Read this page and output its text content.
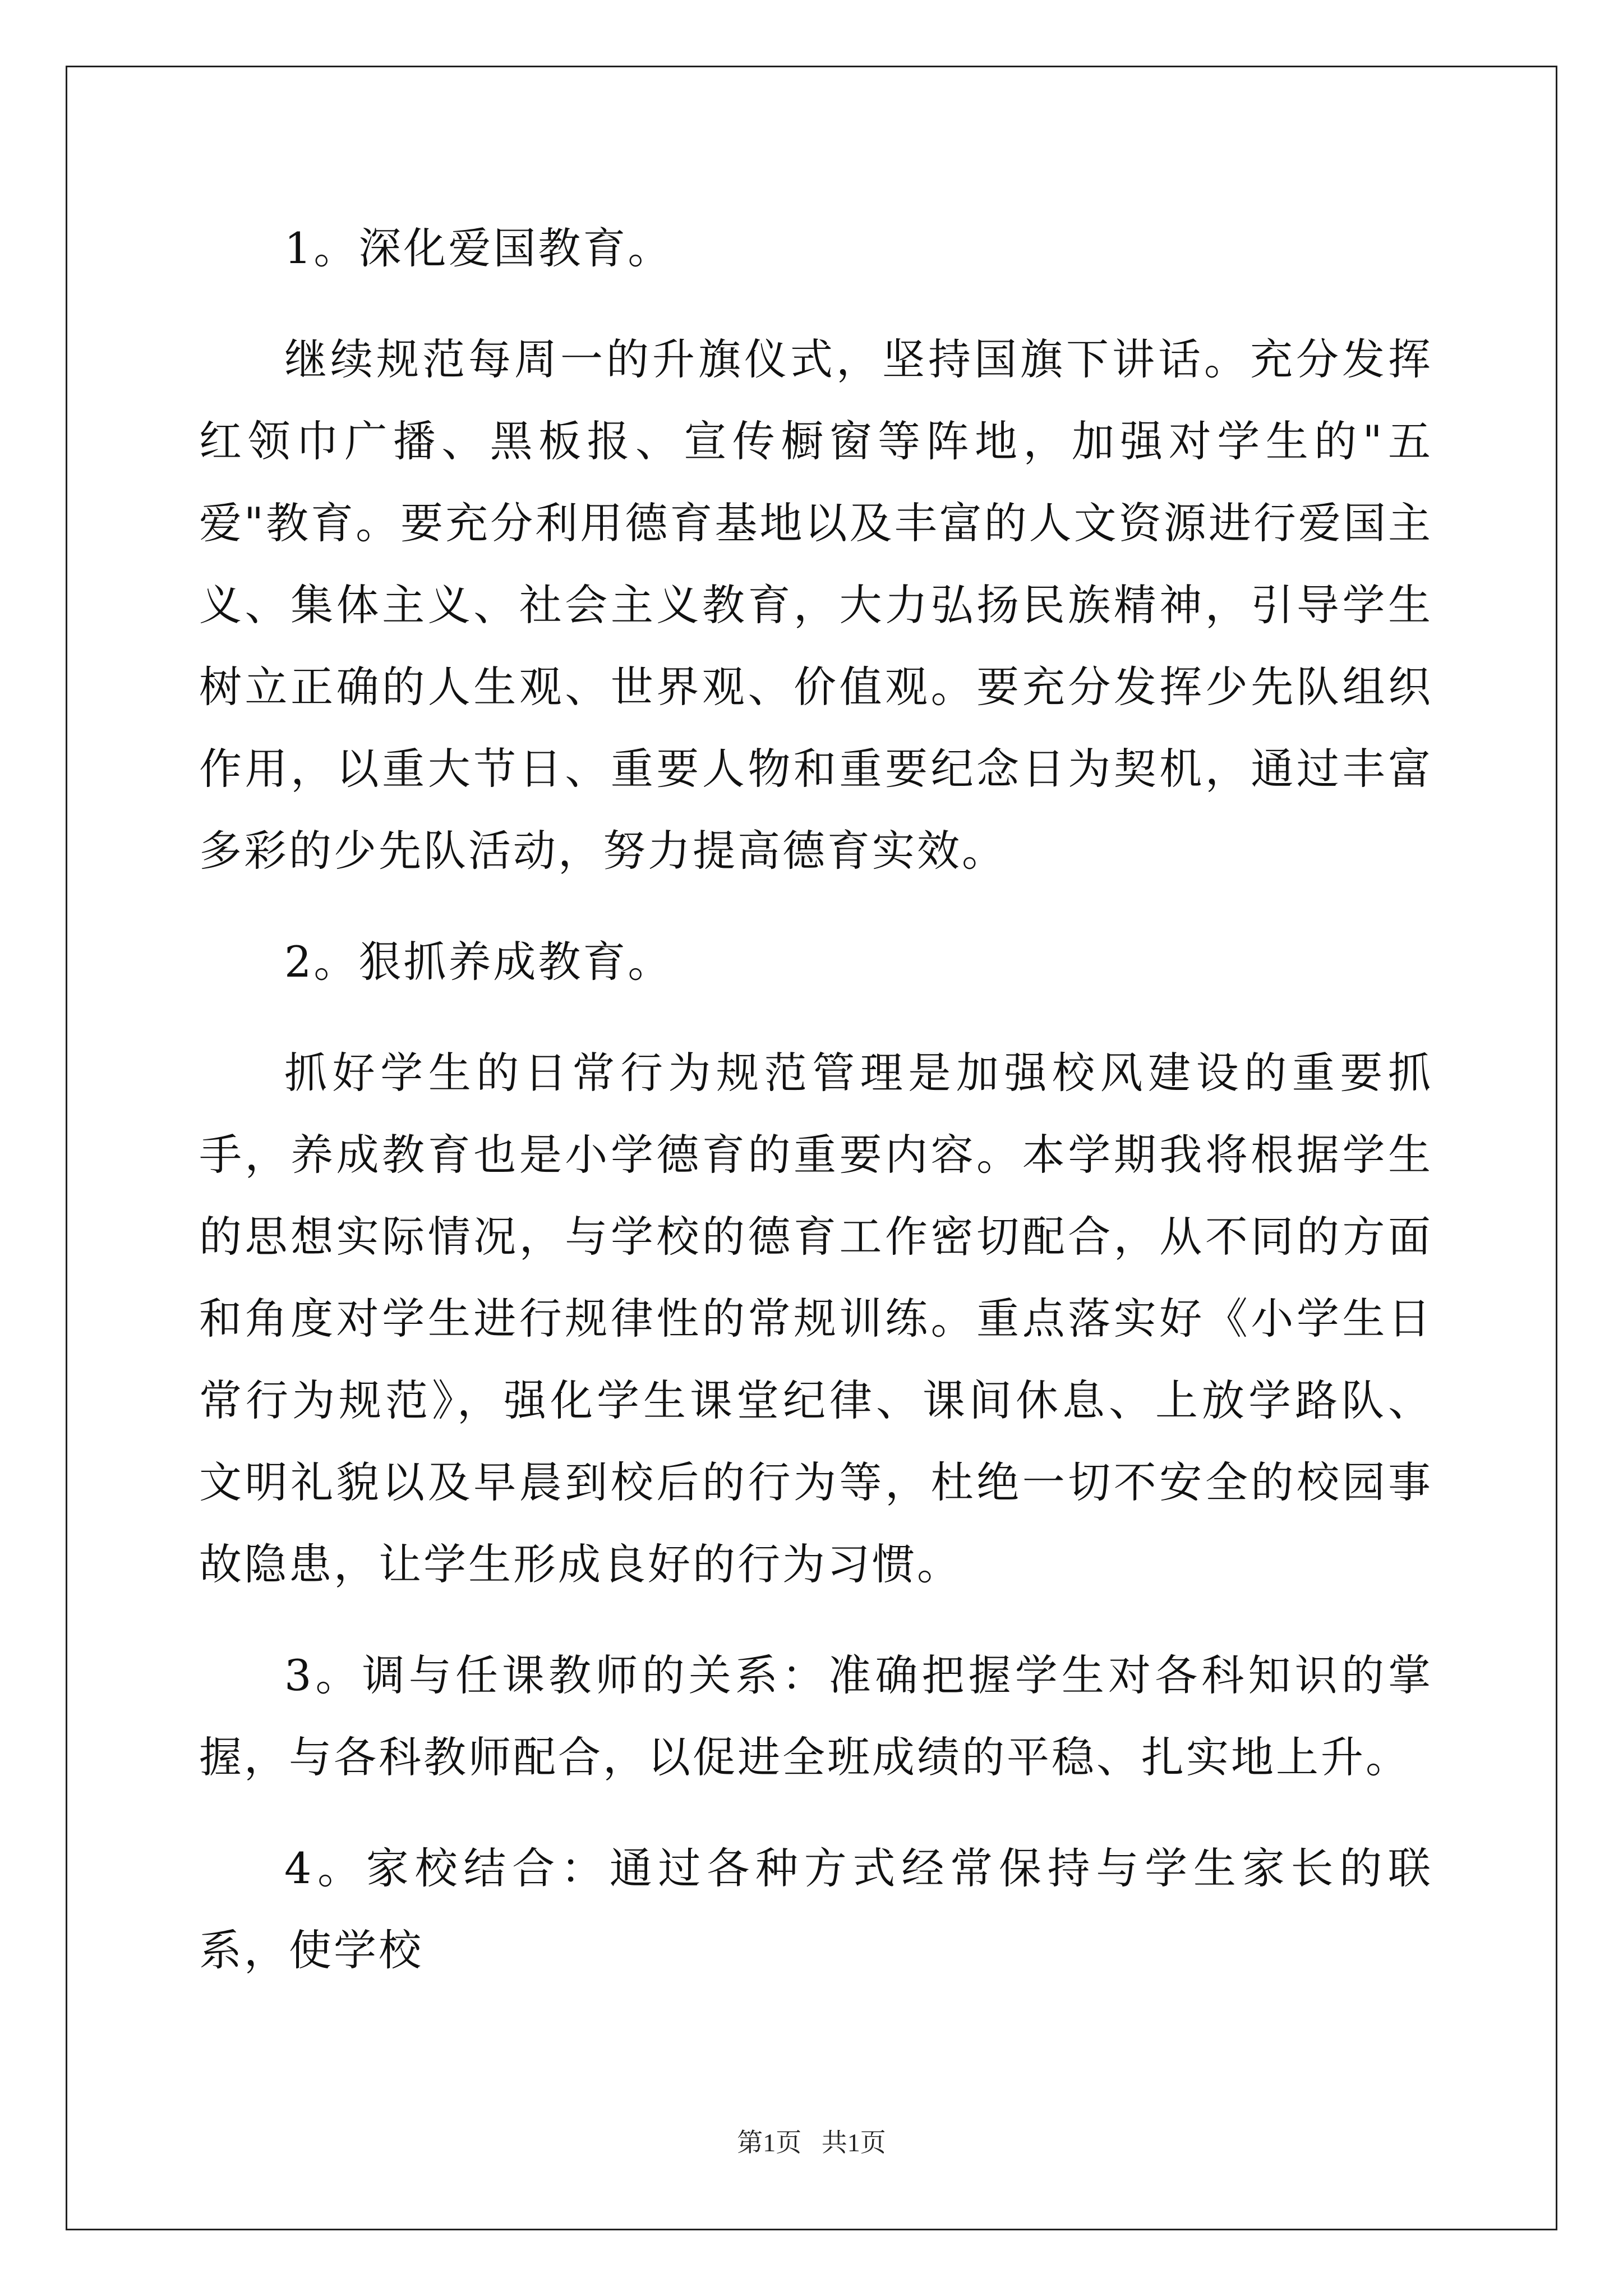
1。深化爱国教育。

继续规范每周一的升旗仪式，坚持国旗下讲话。充分发挥红领巾广播、黑板报、宣传橱窗等阵地，加强对学生的"五爱"教育。要充分利用德育基地以及丰富的人文资源进行爱国主义、集体主义、社会主义教育，大力弘扬民族精神，引导学生树立正确的人生观、世界观、价值观。要充分发挥少先队组织作用，以重大节日、重要人物和重要纪念日为契机，通过丰富多彩的少先队活动，努力提高德育实效。

2。狠抓养成教育。

抓好学生的日常行为规范管理是加强校风建设的重要抓手，养成教育也是小学德育的重要内容。本学期我将根据学生的思想实际情况，与学校的德育工作密切配合，从不同的方面和角度对学生进行规律性的常规训练。重点落实好《小学生日常行为规范》，强化学生课堂纪律、课间休息、上放学路队、文明礼貌以及早晨到校后的行为等，杜绝一切不安全的校园事故隐患，让学生形成良好的行为习惯。

3。调与任课教师的关系：准确把握学生对各科知识的掌握，与各科教师配合，以促进全班成绩的平稳、扎实地上升。

4。家校结合：通过各种方式经常保持与学生家长的联系，使学校

第1页 共1页
